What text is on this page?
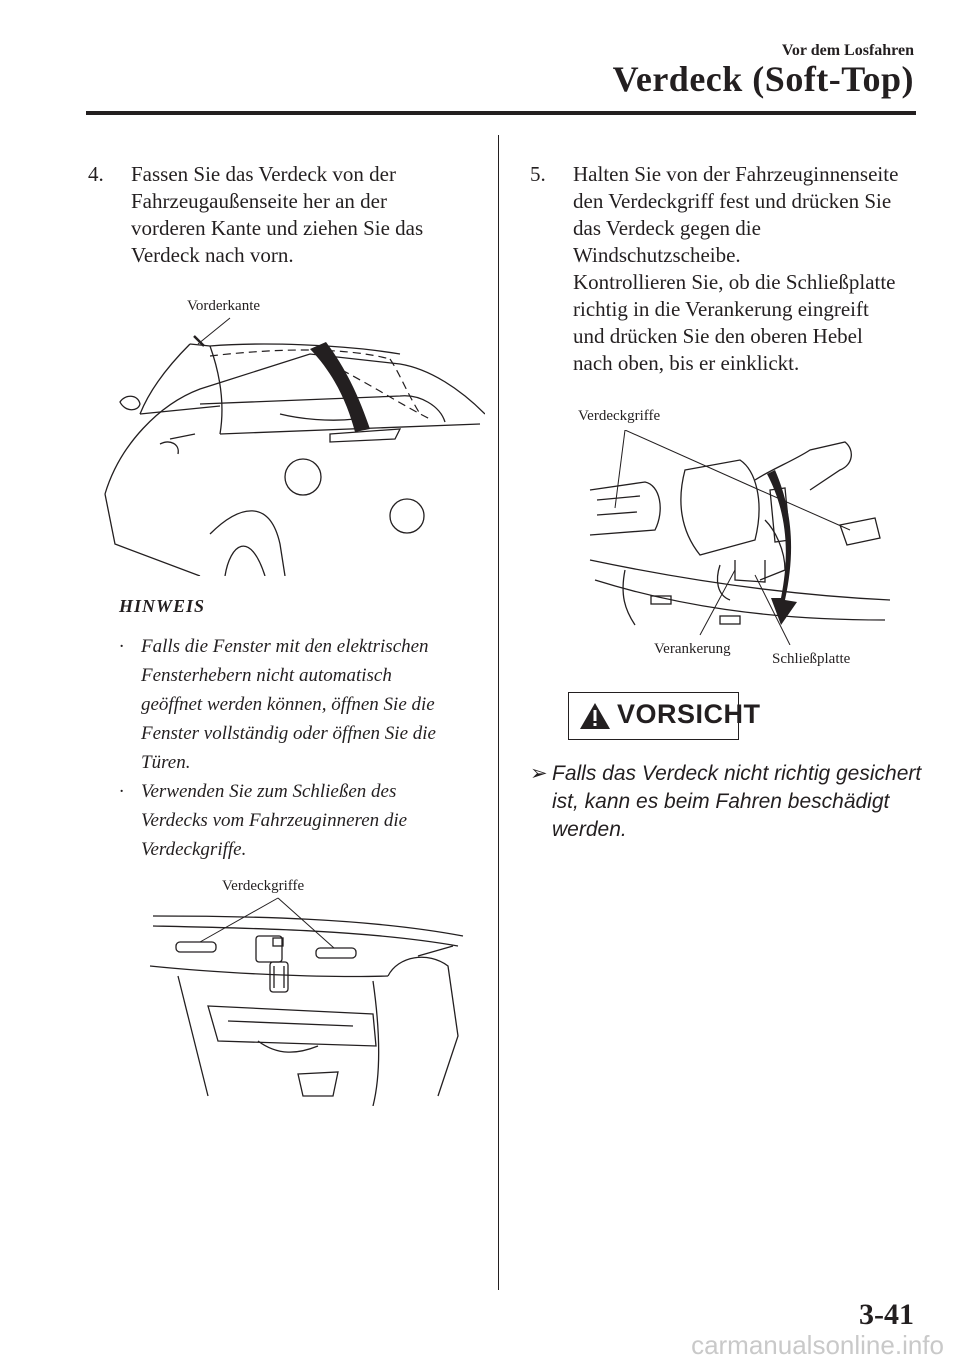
Vor dem Losfahren
Verdeck (Soft-Top)
4. Fassen Sie das Verdeck von der
Fahrzeugaußenseite her an der
vorderen Kante und ziehen Sie das
Verdeck nach vorn.
Vorderkante
HINWEIS
· Falls die Fenster mit den elektrischen
Fensterhebern nicht automatisch
geöffnet werden können, öffnen Sie die
Fenster vollständig oder öffnen Sie die
Türen.
· Verwenden Sie zum Schließen des
Verdecks vom Fahrzeuginneren die
Verdeckgriffe.
Verdeckgriffe
5. Halten Sie von der Fahrzeuginnenseite
den Verdeckgriff fest und drücken Sie
das Verdeck gegen die
Windschutzscheibe.
Kontrollieren Sie, ob die Schließplatte
richtig in die Verankerung eingreift
und drücken Sie den oberen Hebel
nach oben, bis er einklickt.
Verdeckgriffe
Verankerung
Schließplatte
VORSICHT
➢ Falls das Verdeck nicht richtig gesichert
ist, kann es beim Fahren beschädigt
werden.
3-41
carmanualsonline.info
